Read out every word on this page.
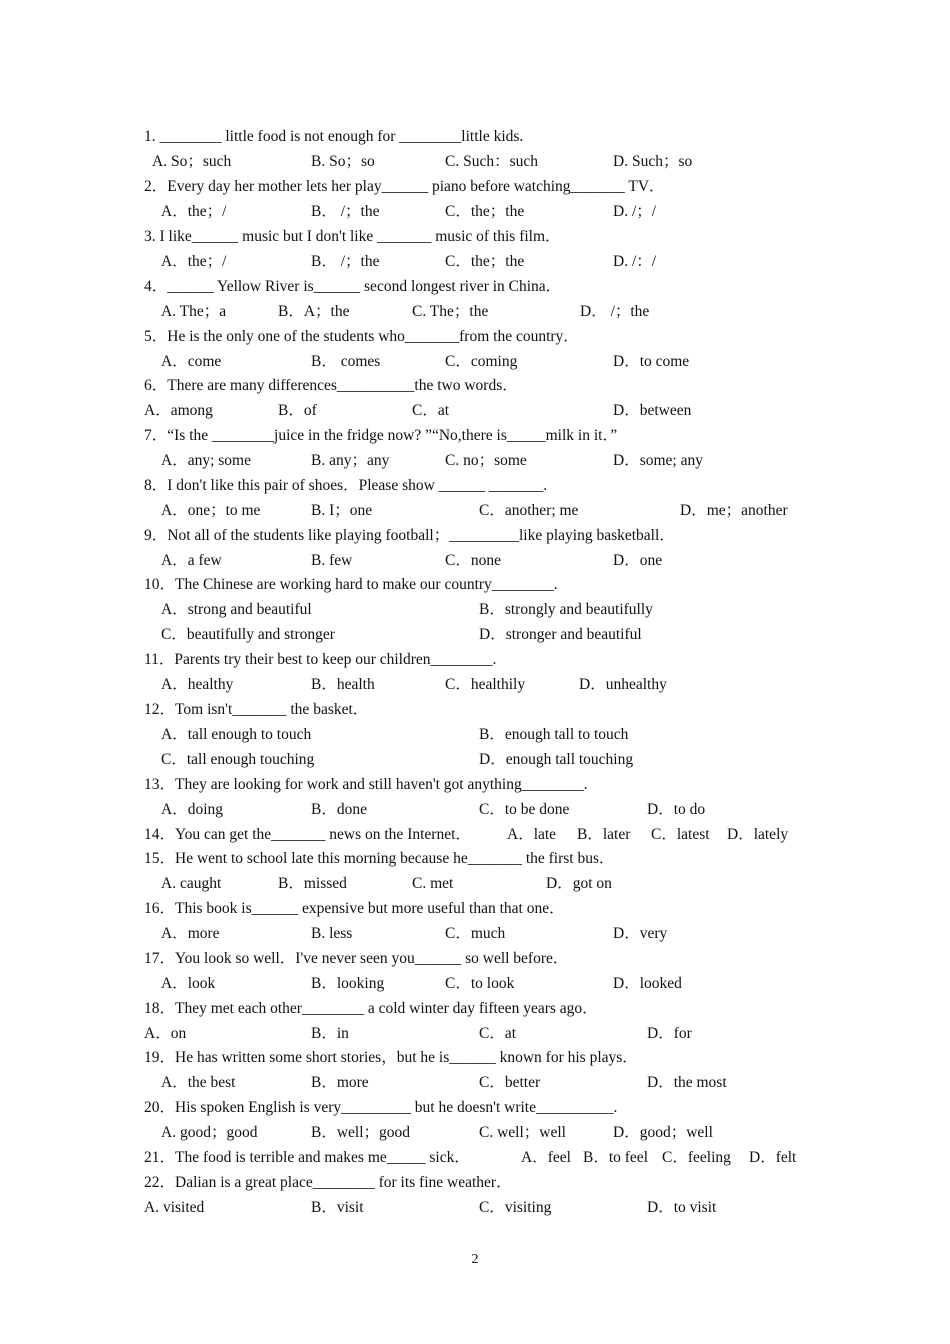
1. ________ little food is not enough for ________little kids.
A. So；such	B. So；so	C. Such：such	D. Such；so
2．Every day her mother lets her play______ piano before watching_______ TV．
A．the；/	B． /；the	C．the；the	D. /；/
3. I like______ music but I don't like _______ music of this film．
A．the；/	B． /；the	C．the；the	D. /：/
4．______ Yellow River is______ second longest river in China．
A. The；a	B．A；the	C. The；the	D． /；the
5．He is the only one of the students who_______from the country．
A．come	B． comes	C．coming	D．to come
6．There are many differences__________the two words．
A．among	B．of	C．at	D．between
7．“Is the ________juice in the fridge now? ”“No,there is_____milk in it．”
A．any; some	B. any；any	C. no；some	D．some; any
8．I don't like this pair of shoes．Please show ______ _______.
A．one；to me	B. I；one	C．another; me	D．me；another
9．Not all of the students like playing football；_________like playing basketball．
A．a few	B. few	C．none	D．one
10．The Chinese are working hard to make our country________.
A．strong and beautiful	B．strongly and beautifully
C．beautifully and stronger	D．stronger and beautiful
11．Parents try their best to keep our children________.
A．healthy	B．health	C．healthily	D．unhealthy
12．Tom isn't_______ the basket．
A．tall enough to touch	B．enough tall to touch
C．tall enough touching	D．enough tall touching
13．They are looking for work and still haven't got anything________.
A．doing	B．done	C．to be done	D．to do
14．You can get the_______ news on the Internet． A．late B．later C．latest D．lately
15．He went to school late this morning because he_______ the first bus．
A. caught	B．missed	C. met	D．got on
16．This book is______ expensive but more useful than that one．
A．more	B. less	C．much	D．very
17．You look so well．I've never seen you______ so well before．
A．look	B．looking	C．to look	D．looked
18．They met each other________ a cold winter day fifteen years ago．
A．on	B．in	C．at	D．for
19．He has written some short stories，but he is______ known for his plays．
A．the best	B．more	C．better	D．the most
20．His spoken English is very_________ but he doesn't write__________.
A. good；good	B．well；good	C. well；well	D．good；well
21．The food is terrible and makes me_____ sick．	A．feel B．to feel C．feeling D．felt
22．Dalian is a great place________ for its fine weather．
A. visited	B．visit	C．visiting	D．to visit
2
